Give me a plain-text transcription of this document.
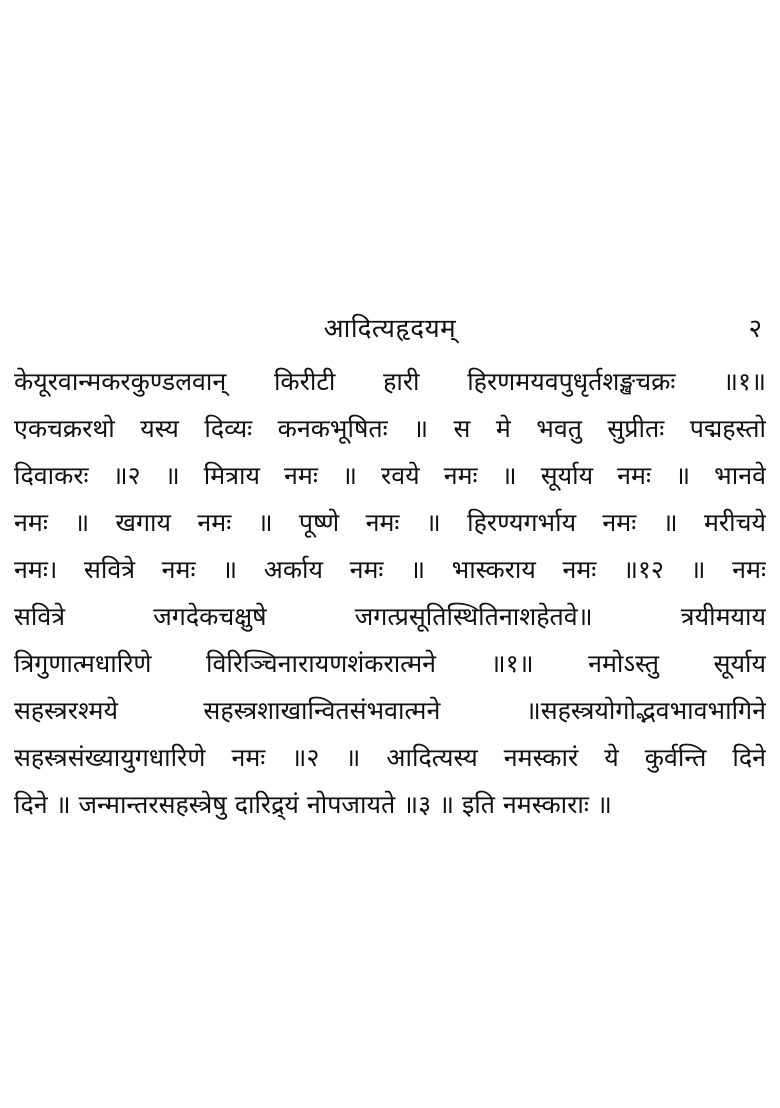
आदित्यहृदयम्	२
केयूरवान्मकरकुण्डलवान् किरीटी हारी हिरणमयवपुधृर्तशङ्खचक्रः ॥१॥
एकचक्ररथो यस्य दिव्यः कनकभूषितः ॥ स मे भवतु सुप्रीतः पद्महस्तो
दिवाकरः ॥२ ॥ मित्राय नमः ॥ रवये नमः ॥ सूर्याय नमः ॥ भानवे
नमः ॥ खगाय नमः ॥ पूष्णे नमः ॥ हिरण्यगर्भाय नमः ॥ मरीचये
नमः। सवित्रे नमः ॥ अर्काय नमः ॥ भास्कराय नमः ॥१२ ॥ नमः
सवित्रे जगदेकचक्षुषे जगत्प्रसूतिस्थितिनाशहेतवे॥ त्रयीमयाय
त्रिगुणात्मधारिणे विरिञ्चिनारायणशंकरात्मने ॥१॥ नमोऽस्तु सूर्याय
सहस्त्ररश्मये सहस्त्रशाखान्वितसंभवात्मने ॥सहस्त्रयोगोद्भवभावभागिने
सहस्त्रसंख्यायुगधारिणे नमः ॥२ ॥ आदित्यस्य नमस्कारं ये कुर्वन्ति दिने
दिने ॥ जन्मान्तरसहस्त्रेषु दारिद्र्यं नोपजायते ॥३ ॥ इति नमस्काराः ॥
